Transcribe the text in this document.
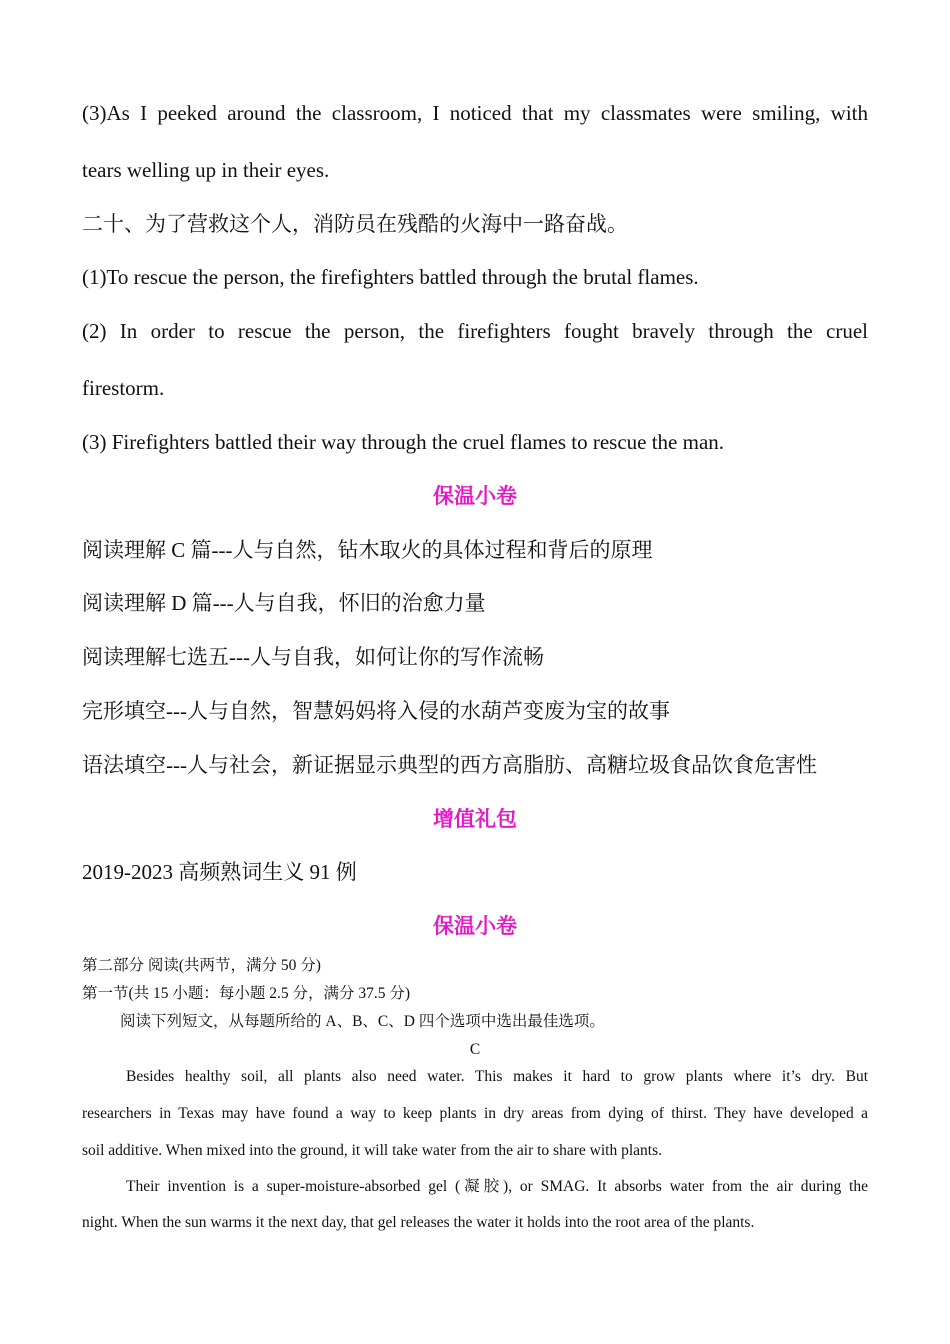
(3)As I peeked around the classroom, I noticed that my classmates were smiling, with

tears welling up in their eyes.

二十、为了营救这个人，消防员在残酷的火海中一路奋战。

(1)To rescue the person, the firefighters battled through the brutal flames.

(2) In order to rescue the person, the firefighters fought bravely through the cruel

firestorm.

(3) Firefighters battled their way through the cruel flames to rescue the man.

保温小卷

阅读理解 C 篇---人与自然，钻木取火的具体过程和背后的原理

阅读理解 D 篇---人与自我，怀旧的治愈力量

阅读理解七选五---人与自我，如何让你的写作流畅

完形填空---人与自然，智慧妈妈将入侵的水葫芦变废为宝的故事

语法填空---人与社会，新证据显示典型的西方高脂肪、高糖垃圾食品饮食危害性

增值礼包

2019-2023 高频熟词生义 91 例

保温小卷

第二部分 阅读(共两节，满分 50 分)

第一节(共 15 小题：每小题 2.5 分，满分 37.5 分)

阅读下列短文，从每题所给的 A、B、C、D 四个选项中选出最佳选项。

C

Besides healthy soil, all plants also need water. This makes it hard to grow plants where it’s dry. But

researchers in Texas may have found a way to keep plants in dry areas from dying of thirst. They have developed a

soil additive. When mixed into the ground, it will take water from the air to share with plants.

Their invention is a super-moisture-absorbed gel (凝胶), or SMAG. It absorbs water from the air during the

night. When the sun warms it the next day, that gel releases the water it holds into the root area of the plants.
